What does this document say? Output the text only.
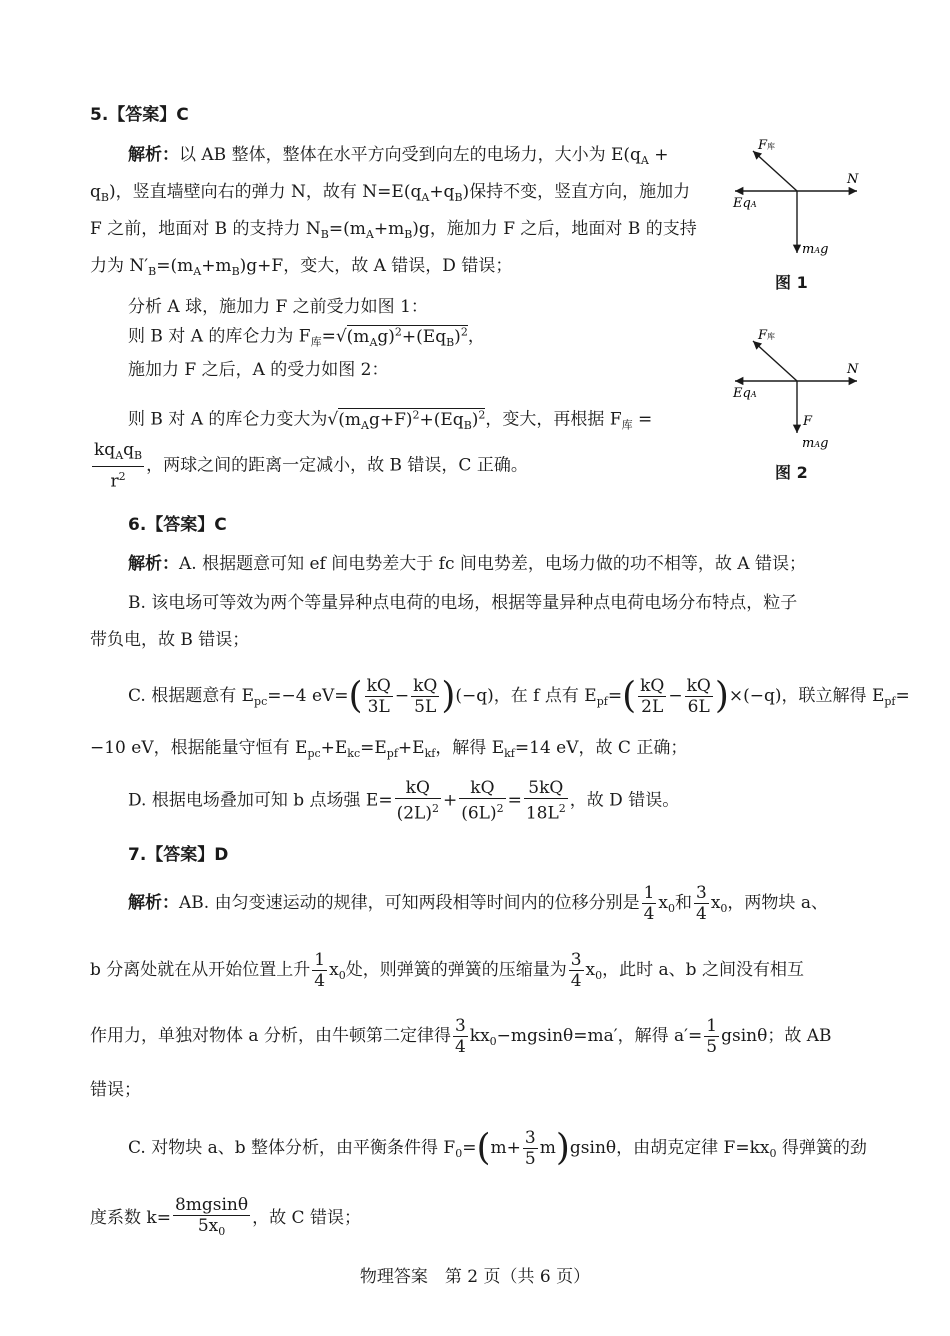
5.【答案】C
解析：以 AB 整体，整体在水平方向受到向左的电场力，大小为 $E(q_A$ +
$q_B$)，竖直墙壁向右的弹力 N，故有 $N=E(q_A+q_B)$保持不变，竖直方向，施加力
F 之前，地面对 B 的支持力 $N_B=(m_A+m_B)g$，施加力 F 之后，地面对 B 的支持
力为 $N'_B=(m_A+m_B)g+F$，变大，故 A 错误，D 错误；
分析 A 球，施加力 F 之前受力如图 1：
则 B 对 A 的库仑力为 $F_库=√(m_Ag)^2+(Eq_B)^2$，
施加力 F 之后，A 的受力如图 2：
则 B 对 A 的库仑力变大为$√(m_Ag+F)^2+(Eq_B)^2$，变大，再根据 $F_库$ =
$\frac{kq_Aq_B}{r^2}$ ，两球之间的距离一定减小，故 B 错误，C 正确。
F库
N
EqA
mAg
图 1
F库
N
EqA
F
mAg
图 2
6.【答案】C
解析：A. 根据题意可知 ef 间电势差大于 fc 间电势差，电场力做的功不相等，故 A 错误；
B. 该电场可等效为两个等量异种点电荷的电场，根据等量异种点电荷电场分布特点，粒子
带负电，故 B 错误；
C. 根据题意有 $E_{pc}=-4$ $eV=( \frac{kQ}{3L} - \frac{kQ}{5L} )(-q)$，在 f 点有 $E_{pf}=( \frac{kQ}{2L} - \frac{kQ}{6L} )\times(-q)$，联立解得 $E_{pf}=$
−10 eV，根据能量守恒有 $E_{pc}+E_{kc}=E_{pf}+E_{kf}$，解得 $E_{kf}=14$ eV，故 C 正确；
D. 根据电场叠加可知 b 点场强 $E= \frac{kQ}{(2L)^2} + \frac{kQ}{(6L)^2} = \frac{5kQ}{18L^2}$ ，故 D 错误。
7.【答案】D
解析：AB. 由匀变速运动的规律，可知两段相等时间内的位移分别是 $\frac{1}{4} x_0$和 $\frac{3}{4} x_0$，两物块 a、
b 分离处就在从开始位置上升 $\frac{1}{4} x_0$处，则弹簧的弹簧的压缩量为 $\frac{3}{4} x_0$，此时 a、b 之间没有相互
作用力，单独对物体 a 分析，由牛顿第二定律得 $\frac{3}{4} kx_0-mgsin\theta=ma'$，解得 $a'= \frac{1}{5}$ gsinθ；故 AB
错误；
C. 对物块 a、b 整体分析，由平衡条件得 $F_0=(m+ \frac{3}{5} m)gsin\theta$，由胡克定律 $F=kx_0$ 得弹簧的劲
度系数 $k= \frac{8mgsin\theta}{5x_0}$ ，故 C 错误；
物理答案　第 2 页（共 6 页）
